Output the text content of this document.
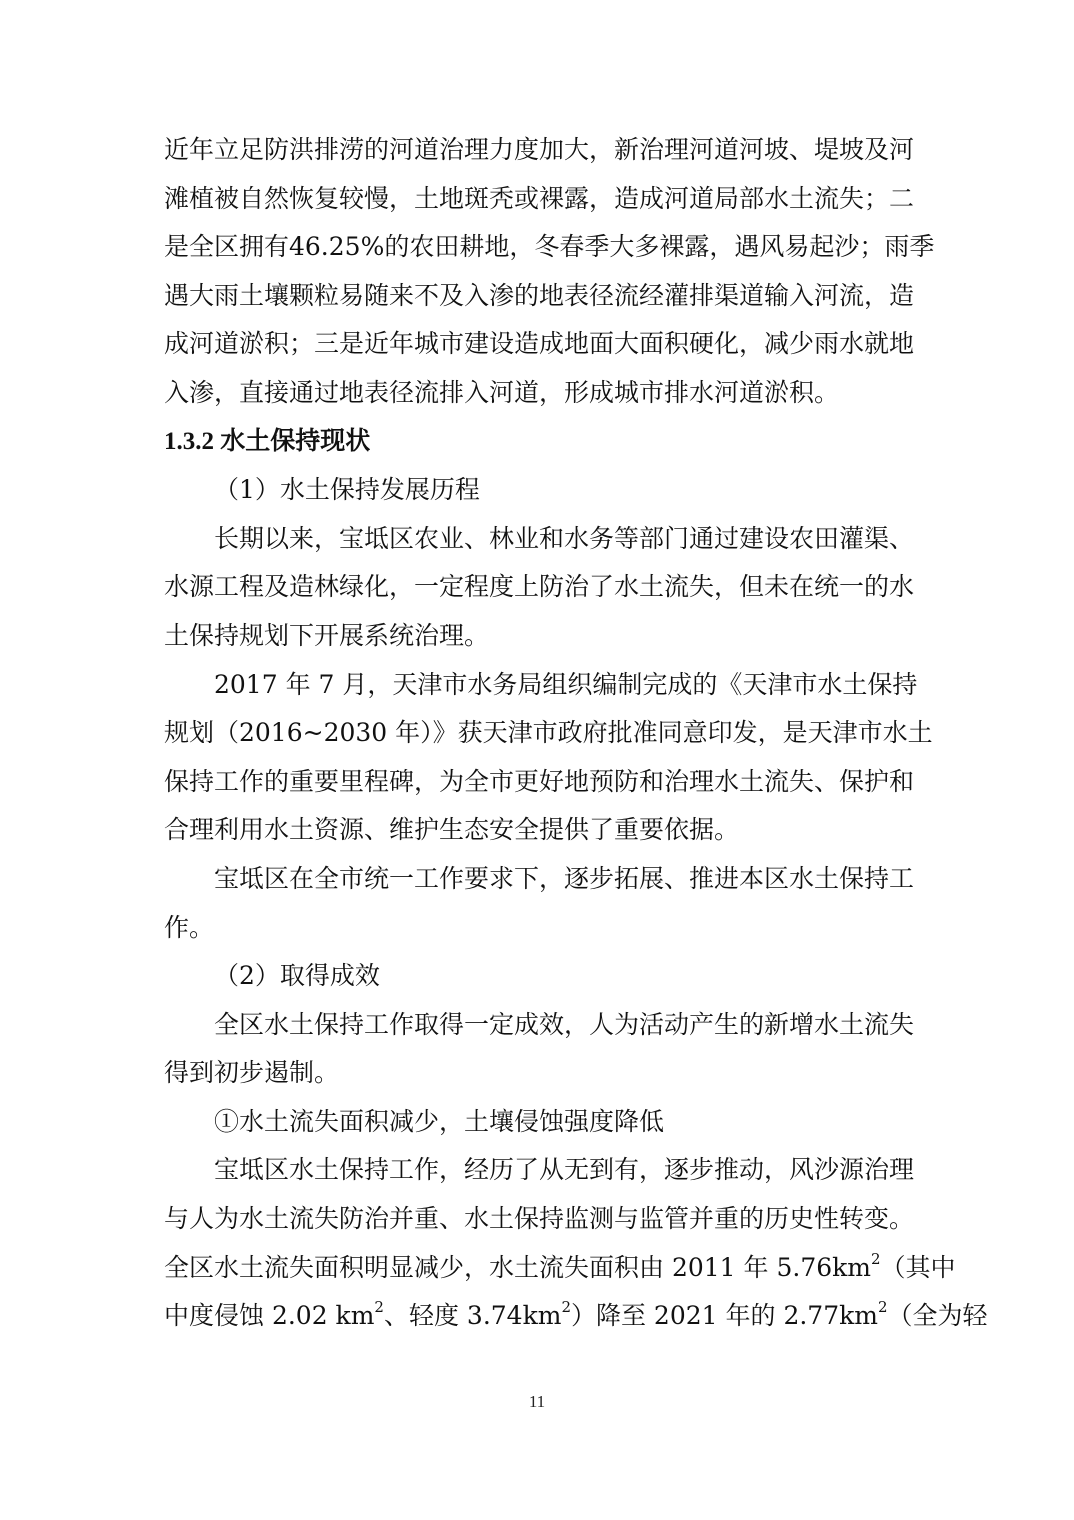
近年立足防洪排涝的河道治理力度加大，新治理河道河坡、堤坡及河
滩植被自然恢复较慢，土地斑秃或裸露，造成河道局部水土流失；二
是全区拥有46.25%的农田耕地，冬春季大多裸露，遇风易起沙；雨季
遇大雨土壤颗粒易随来不及入渗的地表径流经灌排渠道输入河流，造
成河道淤积；三是近年城市建设造成地面大面积硬化，减少雨水就地
入渗，直接通过地表径流排入河道，形成城市排水河道淤积。
1.3.2 水土保持现状
（1）水土保持发展历程
长期以来，宝坻区农业、林业和水务等部门通过建设农田灌渠、
水源工程及造林绿化，一定程度上防治了水土流失，但未在统一的水
土保持规划下开展系统治理。
2017 年 7 月，天津市水务局组织编制完成的《天津市水土保持
规划（2016~2030 年）》获天津市政府批准同意印发，是天津市水土
保持工作的重要里程碑，为全市更好地预防和治理水土流失、保护和
合理利用水土资源、维护生态安全提供了重要依据。
宝坻区在全市统一工作要求下，逐步拓展、推进本区水土保持工
作。
（2）取得成效
全区水土保持工作取得一定成效，人为活动产生的新增水土流失
得到初步遏制。
①水土流失面积减少，土壤侵蚀强度降低
宝坻区水土保持工作，经历了从无到有，逐步推动，风沙源治理
与人为水土流失防治并重、水土保持监测与监管并重的历史性转变。
全区水土流失面积明显减少，水土流失面积由 2011 年 $5.76km^2$（其中
中度侵蚀 2.02 $km^2$、轻度 $3.74km^2$）降至 2021 年的 $2.77km^2$（全为轻
11
